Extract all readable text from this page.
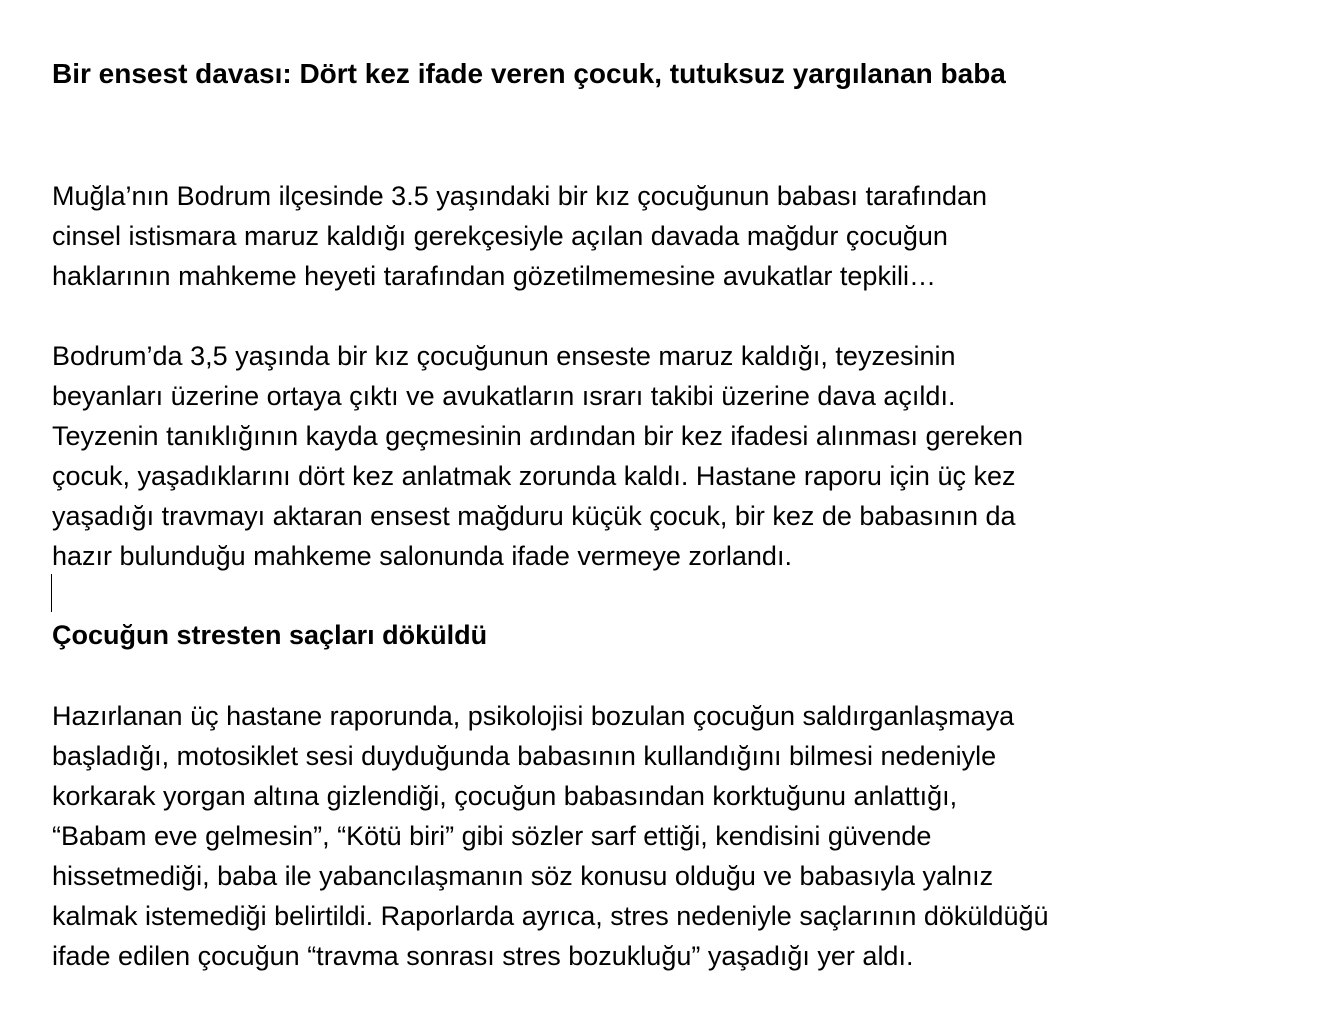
Bir ensest davası: Dört kez ifade veren çocuk, tutuksuz yargılanan baba

Muğla’nın Bodrum ilçesinde 3.5 yaşındaki bir kız çocuğunun babası tarafından
cinsel istismara maruz kaldığı gerekçesiyle açılan davada mağdur çocuğun
haklarının mahkeme heyeti tarafından gözetilmemesine avukatlar tepkili…

Bodrum’da 3,5 yaşında bir kız çocuğunun enseste maruz kaldığı, teyzesinin
beyanları üzerine ortaya çıktı ve avukatların ısrarı takibi üzerine dava açıldı.
Teyzenin tanıklığının kayda geçmesinin ardından bir kez ifadesi alınması gereken
çocuk, yaşadıklarını dört kez anlatmak zorunda kaldı. Hastane raporu için üç kez
yaşadığı travmayı aktaran ensest mağduru küçük çocuk, bir kez de babasının da
hazır bulunduğu mahkeme salonunda ifade vermeye zorlandı.

Çocuğun stresten saçları döküldü

Hazırlanan üç hastane raporunda, psikolojisi bozulan çocuğun saldırganlaşmaya
başladığı, motosiklet sesi duyduğunda babasının kullandığını bilmesi nedeniyle
korkarak yorgan altına gizlendiği, çocuğun babasından korktuğunu anlattığı,
“Babam eve gelmesin”, “Kötü biri” gibi sözler sarf ettiği, kendisini güvende
hissetmediği, baba ile yabancılaşmanın söz konusu olduğu ve babasıyla yalnız
kalmak istemediği belirtildi. Raporlarda ayrıca, stres nedeniyle saçlarının döküldüğü
ifade edilen çocuğun “travma sonrası stres bozukluğu” yaşadığı yer aldı.
